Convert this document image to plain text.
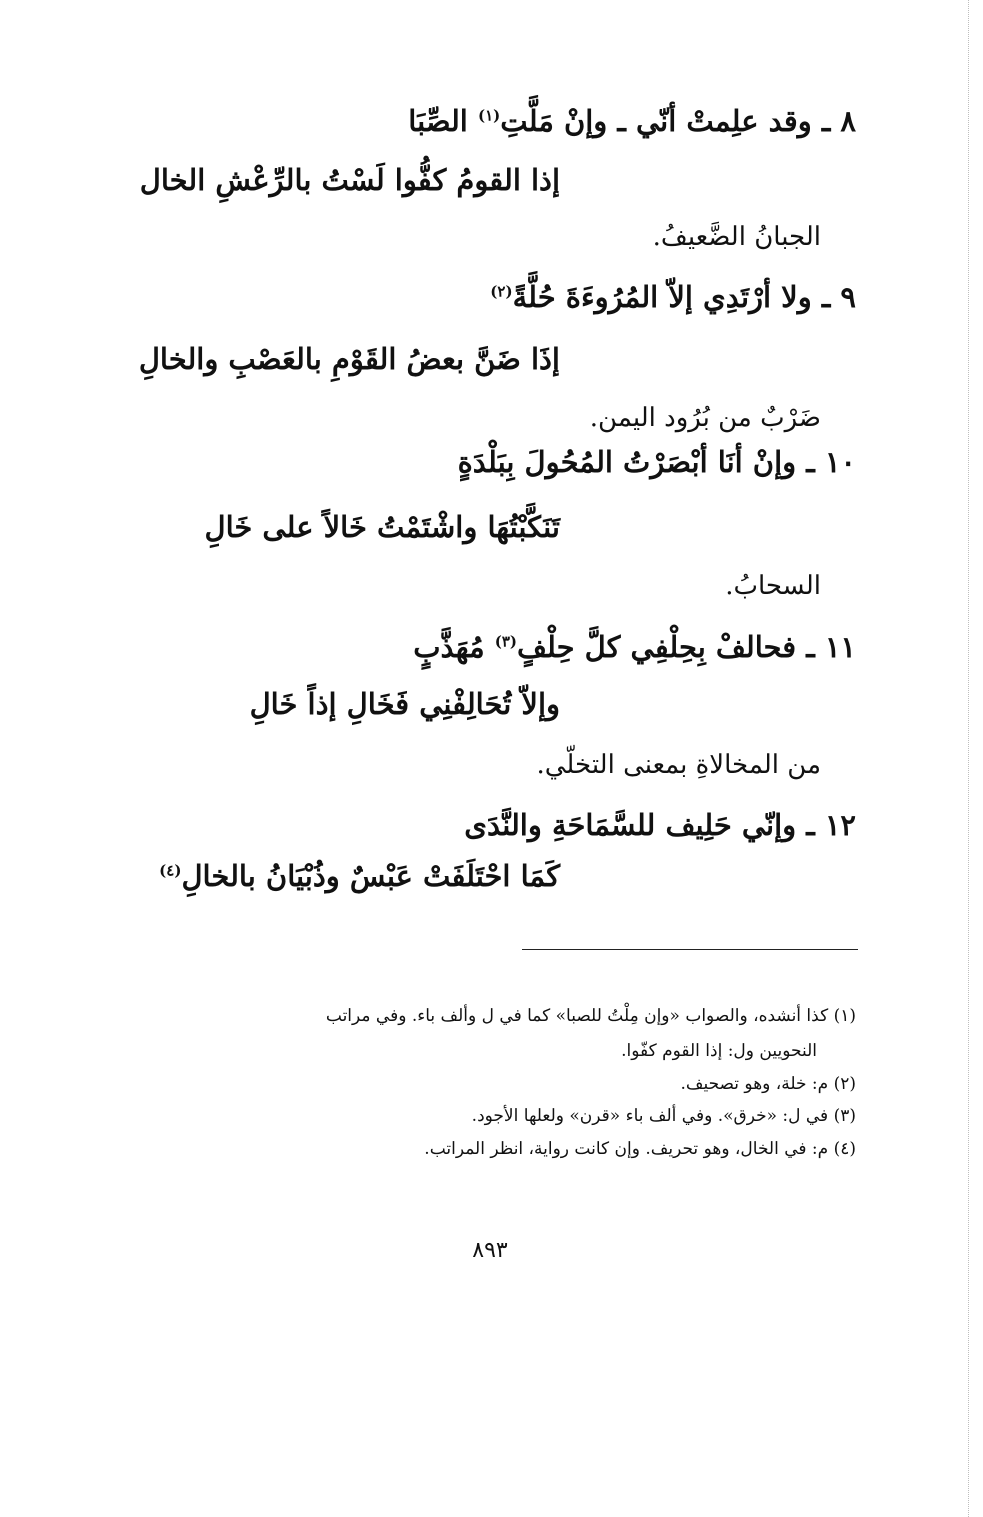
٨ ـ وقد علِمتْ أنّي ـ وإنْ مَلَّتِ$^{(١)}$ الصِّبَا
إذا القومُ كفُّوا لَسْتُ بالرِّعْشِ الخال
الجبانُ الضَّعيفُ.
٩ ـ ولا أرْتَدِي إلاّ المُرُوءَةَ حُلَّةً$^{(٢)}$
إذَا ضَنَّ بعضُ القَوْمِ بالعَصْبِ والخالِ
ضَرْبٌ من بُرُود اليمن.
١٠ ـ وإنْ أنَا أبْصَرْتُ المُحُولَ بِبَلْدَةٍ
تَنَكَّبْتُهَا واشْتَمْتُ خَالاً على خَالِ
السحابُ.
١١ ـ فحالفْ بِحِلْفِي كلَّ حِلْفٍ$^{(٣)}$ مُهَذَّبٍ
وإلاّ تُحَالِفْنِي فَخَالِ إذاً خَالِ
من المخالاةِ بمعنى التخلّي.
١٢ ـ وإنّي حَلِيف للسَّمَاحَةِ والنَّدَى
كَمَا احْتَلَفَتْ عَبْسٌ وذُبْيَانُ بالخالِ$^{(٤)}$
(١) كذا أنشده، والصواب «وإن مِلْتُ للصبا» كما في ل وألف باء. وفي مراتب
النحويين ول: إذا القوم كفّوا.
(٢) م: خلة، وهو تصحيف.
(٣) في ل: «خرق». وفي ألف باء «قرن» ولعلها الأجود.
(٤) م: في الخال، وهو تحريف. وإن كانت رواية، انظر المراتب.
٨٩٣
